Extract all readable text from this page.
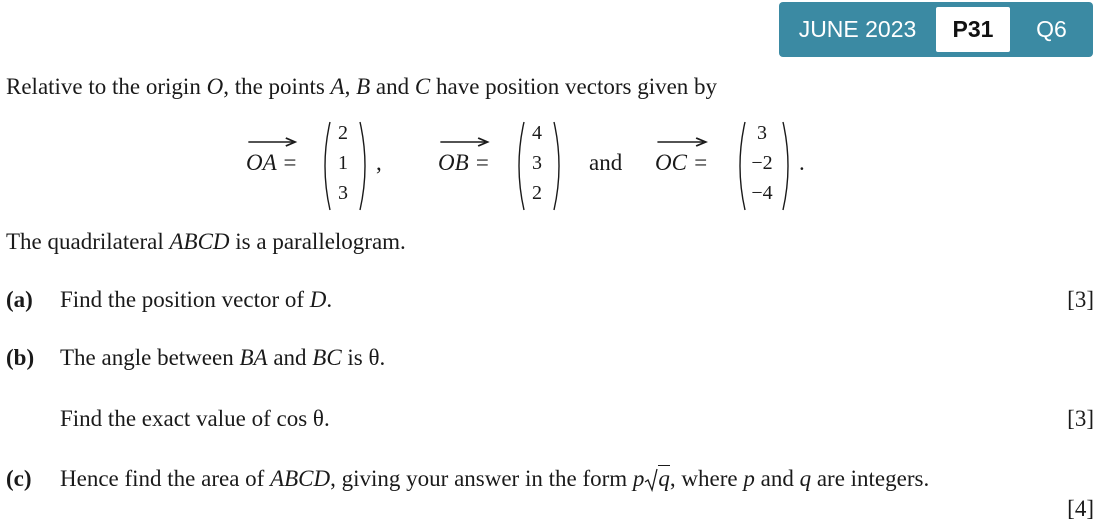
JUNE 2023	P31	Q6
Relative to the origin O, the points A, B and C have position vectors given by
OA =
2
1
3
, OB =
4
3
2
and OC =
3
−2
−4
.
The quadrilateral ABCD is a parallelogram.
(a) Find the position vector of D.	[3]
(b) The angle between BA and BC is θ.
Find the exact value of cos θ.	[3]
(c) Hence find the area of ABCD, giving your answer in the form p q, where p and q are integers.
[4]
